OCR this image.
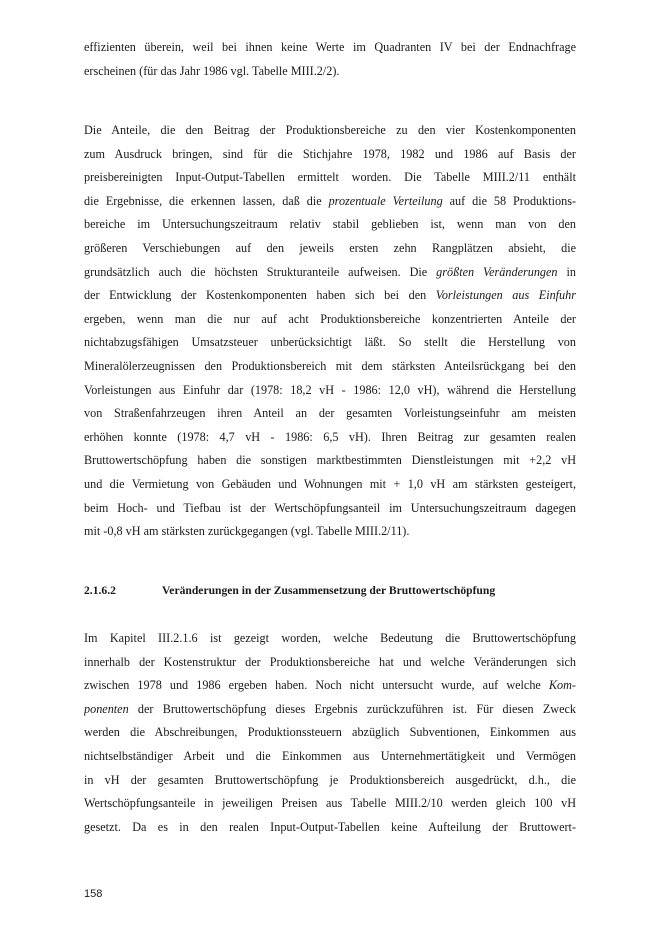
effizienten überein, weil bei ihnen keine Werte im Quadranten IV bei der Endnachfrage
erscheinen (für das Jahr 1986 vgl. Tabelle MIII.2/2).
Die Anteile, die den Beitrag der Produktionsbereiche zu den vier Kostenkomponenten
zum Ausdruck bringen, sind für die Stichjahre 1978, 1982 und 1986 auf Basis der
preisbereinigten Input-Output-Tabellen ermittelt worden. Die Tabelle MIII.2/11 enthält
die Ergebnisse, die erkennen lassen, daß die prozentuale Verteilung auf die 58 Produktions-
bereiche im Untersuchungszeitraum relativ stabil geblieben ist, wenn man von den
größeren Verschiebungen auf den jeweils ersten zehn Rangplätzen absieht, die
grundsätzlich auch die höchsten Strukturanteile aufweisen. Die größten Veränderungen in
der Entwicklung der Kostenkomponenten haben sich bei den Vorleistungen aus Einfuhr
ergeben, wenn man die nur auf acht Produktionsbereiche konzentrierten Anteile der
nichtabzugsfähigen Umsatzsteuer unberücksichtigt läßt. So stellt die Herstellung von
Mineralölerzeugnissen den Produktionsbereich mit dem stärksten Anteilsrückgang bei den
Vorleistungen aus Einfuhr dar (1978: 18,2 vH - 1986: 12,0 vH), während die Herstellung
von Straßenfahrzeugen ihren Anteil an der gesamten Vorleistungseinfuhr am meisten
erhöhen konnte (1978: 4,7 vH - 1986: 6,5 vH). Ihren Beitrag zur gesamten realen
Bruttowertschöpfung haben die sonstigen marktbestimmten Dienstleistungen mit +2,2 vH
und die Vermietung von Gebäuden und Wohnungen mit + 1,0 vH am stärksten gesteigert,
beim Hoch- und Tiefbau ist der Wertschöpfungsanteil im Untersuchungszeitraum dagegen
mit -0,8 vH am stärksten zurückgegangen (vgl. Tabelle MIII.2/11).
2.1.6.2	Veränderungen in der Zusammensetzung der Bruttowertschöpfung
Im Kapitel III.2.1.6 ist gezeigt worden, welche Bedeutung die Bruttowertschöpfung
innerhalb der Kostenstruktur der Produktionsbereiche hat und welche Veränderungen sich
zwischen 1978 und 1986 ergeben haben. Noch nicht untersucht wurde, auf welche Kom-
ponenten der Bruttowertschöpfung dieses Ergebnis zurückzuführen ist. Für diesen Zweck
werden die Abschreibungen, Produktionssteuern abzüglich Subventionen, Einkommen aus
nichtselbständiger Arbeit und die Einkommen aus Unternehmertätigkeit und Vermögen
in vH der gesamten Bruttowertschöpfung je Produktionsbereich ausgedrückt, d.h., die
Wertschöpfungsanteile in jeweiligen Preisen aus Tabelle MIII.2/10 werden gleich 100 vH
gesetzt. Da es in den realen Input-Output-Tabellen keine Aufteilung der Bruttowert-
158
